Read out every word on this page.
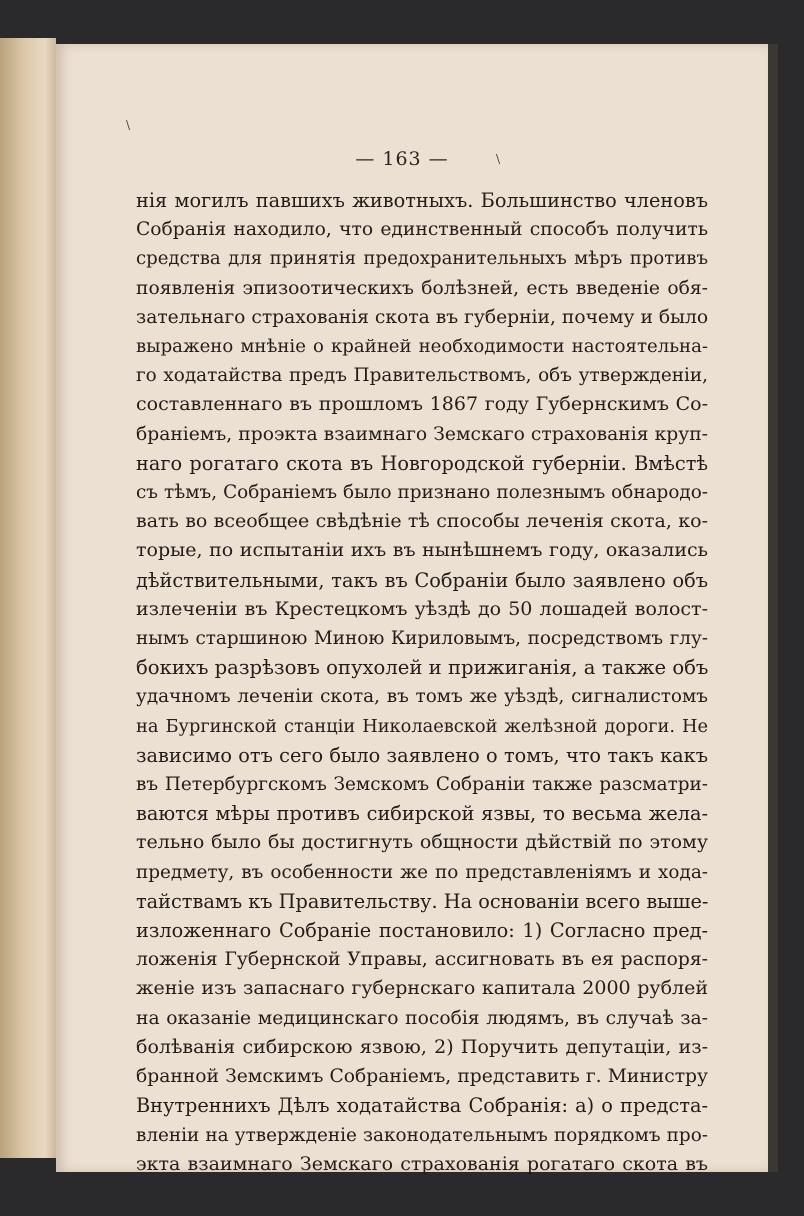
\
\
— 163 —
нія могилъ павшихъ животныхъ. Большинство членовъ
Собранія находило, что единственный способъ получить
средства для принятія предохранительныхъ мѣръ противъ
появленія эпизоотическихъ болѣзней, есть введеніе обя-
зательнаго страхованія скота въ губерніи, почему и было
выражено мнѣніе о крайней необходимости настоятельна-
го ходатайства предъ Правительствомъ, объ утвержденіи,
составленнаго въ прошломъ 1867 году Губернскимъ Со-
браніемъ, проэкта взаимнаго Земскаго страхованія круп-
наго рогатаго скота въ Новгородской губерніи. Вмѣстѣ
съ тѣмъ, Собраніемъ было признано полезнымъ обнародо-
вать во всеобщее свѣдѣніе тѣ способы леченія скота, ко-
торые, по испытаніи ихъ въ нынѣшнемъ году, оказались
дѣйствительными, такъ въ Собраніи было заявлено объ
излеченіи въ Крестецкомъ уѣздѣ до 50 лошадей волост-
нымъ старшиною Миною Кириловымъ, посредствомъ глу-
бокихъ разрѣзовъ опухолей и прижиганія, а также объ
удачномъ леченіи скота, въ томъ же уѣздѣ, сигналистомъ
на Бургинской станціи Николаевской желѣзной дороги. Не
зависимо отъ сего было заявлено о томъ, что такъ какъ
въ Петербургскомъ Земскомъ Собраніи также разсматри-
ваются мѣры противъ сибирской язвы, то весьма жела-
тельно было бы достигнуть общности дѣйствій по этому
предмету, въ особенности же по представленіямъ и хода-
тайствамъ къ Правительству. На основаніи всего выше-
изложеннаго Собраніе постановило: 1) Согласно пред-
ложенія Губернской Управы, ассигновать въ ея распоря-
женіе изъ запаснаго губернскаго капитала 2000 рублей
на оказаніе медицинскаго пособія людямъ, въ случаѣ за-
болѣванія сибирскою язвою, 2) Поручить депутаціи, из-
бранной Земскимъ Собраніемъ, представить г. Министру
Внутреннихъ Дѣлъ ходатайства Собранія: а) о предста-
вленіи на утвержденіе законодательнымъ порядкомъ про-
экта взаимнаго Земскаго страхованія рогатаго скота въ
